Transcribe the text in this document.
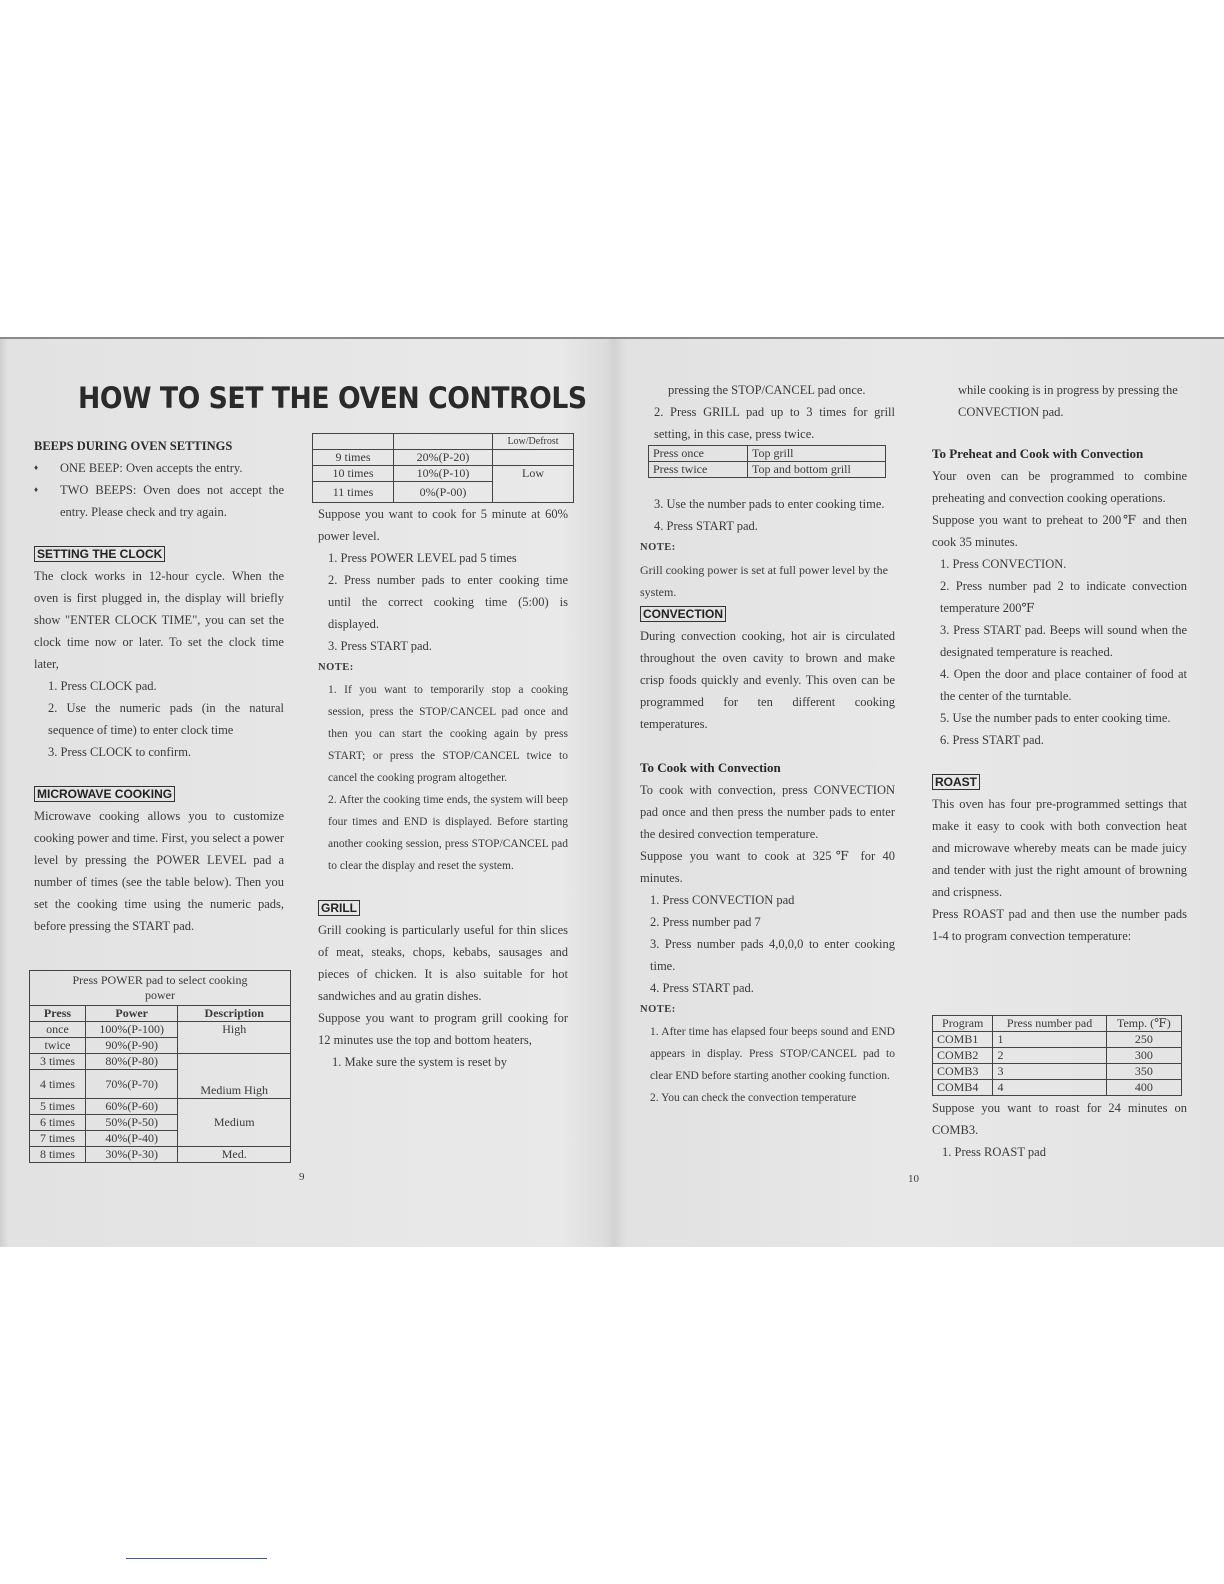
HOW TO SET THE OVEN CONTROLS

BEEPS DURING OVEN SETTINGS

♦ ONE BEEP: Oven accepts the entry.
♦ TWO BEEPS: Oven does not accept the entry. Please check and try again.
SETTING THE CLOCK

The clock works in 12-hour cycle. When the oven is first plugged in, the display will briefly show "ENTER CLOCK TIME", you can set the clock time now or later. To set the clock time later,

1. Press CLOCK pad.
2. Use the numeric pads (in the natural sequence of time) to enter clock time
3. Press CLOCK to confirm.
MICROWAVE COOKING

Microwave cooking allows you to customize cooking power and time. First, you select a power level by pressing the POWER LEVEL pad a number of times (see the table below). Then you set the cooking time using the numeric pads, before pressing the START pad.

Press POWER pad to select cooking power		
Press	Power	Description
once	100%(P-100)	High
twice	90%(P-90)	
3 times	80%(P-80)	Medium High
4 times	70%(P-70)	
5 times	60%(P-60)	Medium
6 times	50%(P-50)	
7 times	40%(P-40)	
8 times	30%(P-30)	Med.
9
		Low/Defrost
9 times	20%(P-20)	
10 times	10%(P-10)	Low
11 times	0%(P-00)	

Suppose you want to cook for 5 minute at 60% power level.

1. Press POWER LEVEL pad 5 times
2. Press number pads to enter cooking time until the correct cooking time (5:00) is displayed.
3. Press START pad.

NOTE:

1. If you want to temporarily stop a cooking session, press the STOP/CANCEL pad once and then you can start the cooking again by press START; or press the STOP/CANCEL twice to cancel the cooking program altogether.
2. After the cooking time ends, the system will beep four times and END is displayed. Before starting another cooking session, press STOP/CANCEL pad to clear the display and reset the system.
GRILL

Grill cooking is particularly useful for thin slices of meat, steaks, chops, kebabs, sausages and pieces of chicken. It is also suitable for hot sandwiches and au gratin dishes.

Suppose you want to program grill cooking for 12 minutes use the top and bottom heaters,

1. Make sure the system is reset by

pressing the STOP/CANCEL pad once.

2. Press GRILL pad up to 3 times for grill setting, in this case, press twice.

Press once	Top grill
Press twice	Top and bottom grill

3. Use the number pads to enter cooking time.

4. Press START pad.

NOTE:

Grill cooking power is set at full power level by the system.

CONVECTION

During convection cooking, hot air is circulated throughout the oven cavity to brown and make crisp foods quickly and evenly. This oven can be programmed for ten different cooking temperatures.

To Cook with Convection

To cook with convection, press CONVECTION pad once and then press the number pads to enter the desired convection temperature.

Suppose you want to cook at 325℉ for 40 minutes.

1. Press CONVECTION pad
2. Press number pad 7
3. Press number pads 4,0,0,0 to enter cooking time.
4. Press START pad.

NOTE:

1. After time has elapsed four beeps sound and END appears in display. Press STOP/CANCEL pad to clear END before starting another cooking function.
2. You can check the convection temperature
10

while cooking is in progress by pressing the CONVECTION pad.

To Preheat and Cook with Convection

Your oven can be programmed to combine preheating and convection cooking operations.

Suppose you want to preheat to 200℉ and then cook 35 minutes.

1. Press CONVECTION.
2. Press number pad 2 to indicate convection temperature 200℉
3. Press START pad. Beeps will sound when the designated temperature is reached.
4. Open the door and place container of food at the center of the turntable.
5. Use the number pads to enter cooking time.
6. Press START pad.
ROAST

This oven has four pre-programmed settings that make it easy to cook with both convection heat and microwave whereby meats can be made juicy and tender with just the right amount of browning and crispness.

Press ROAST pad and then use the number pads 1-4 to program convection temperature:

Program	Press number pad	Temp. (℉)
COMB1	1	250
COMB2	2	300
COMB3	3	350
COMB4	4	400

Suppose you want to roast for 24 minutes on COMB3.

1. Press ROAST pad
